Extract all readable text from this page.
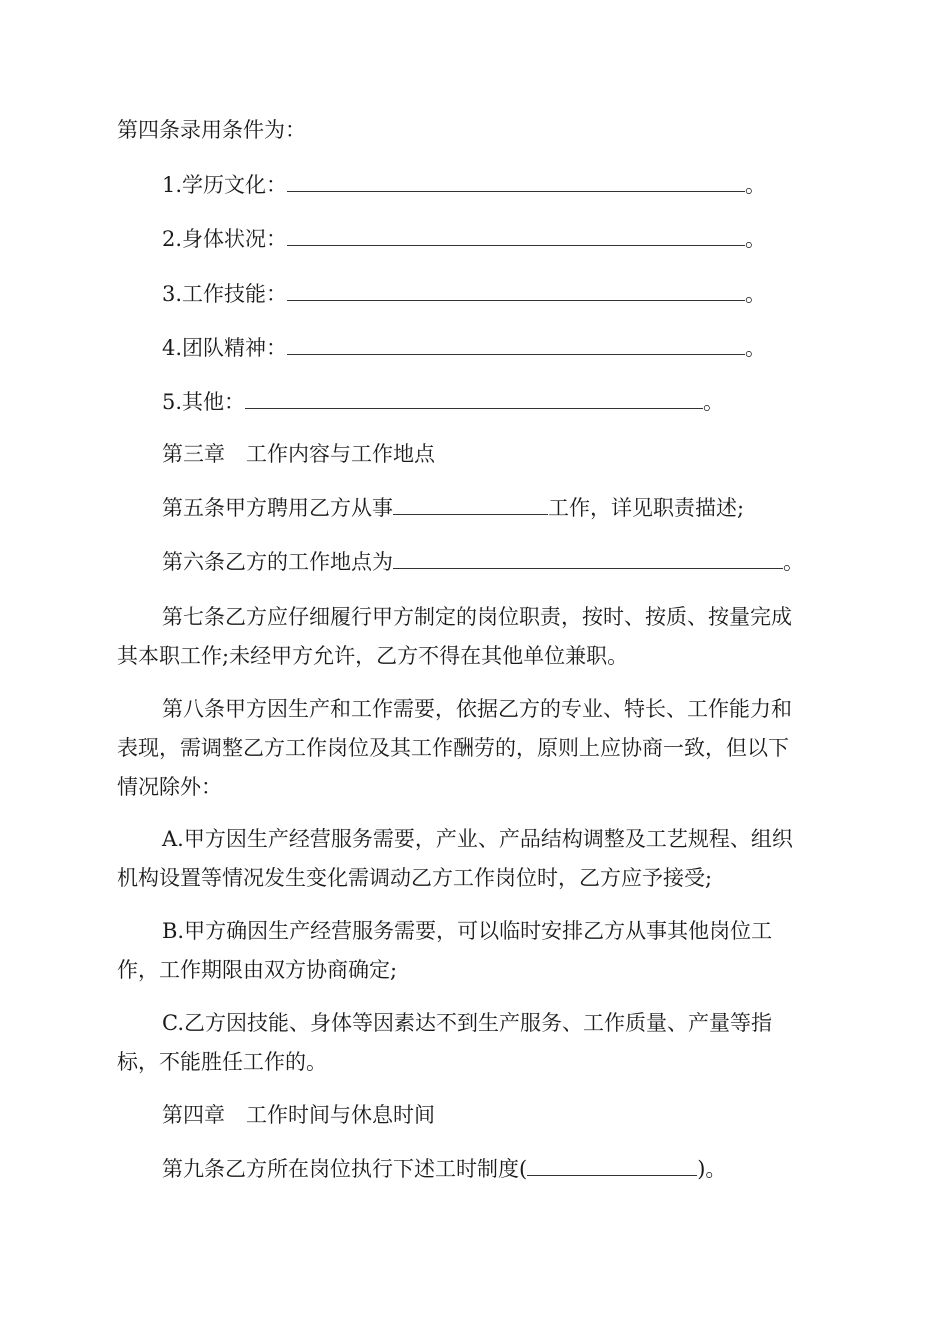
第四条录用条件为：
1.学历文化：	。
2.身体状况：	。
3.工作技能：	。
4.团队精神：	。
5.其他：	。
第三章　工作内容与工作地点
第五条甲方聘用乙方从事	工作，详见职责描述;
第六条乙方的工作地点为	。
第七条乙方应仔细履行甲方制定的岗位职责，按时、按质、按量完成
其本职工作;未经甲方允许，乙方不得在其他单位兼职。
第八条甲方因生产和工作需要，依据乙方的专业、特长、工作能力和
表现，需调整乙方工作岗位及其工作酬劳的，原则上应协商一致，但以下
情况除外：
A.甲方因生产经营服务需要，产业、产品结构调整及工艺规程、组织
机构设置等情况发生变化需调动乙方工作岗位时，乙方应予接受;
B.甲方确因生产经营服务需要，可以临时安排乙方从事其他岗位工
作，工作期限由双方协商确定;
C.乙方因技能、身体等因素达不到生产服务、工作质量、产量等指
标，不能胜任工作的。
第四章　工作时间与休息时间
第九条乙方所在岗位执行下述工时制度(	)。
